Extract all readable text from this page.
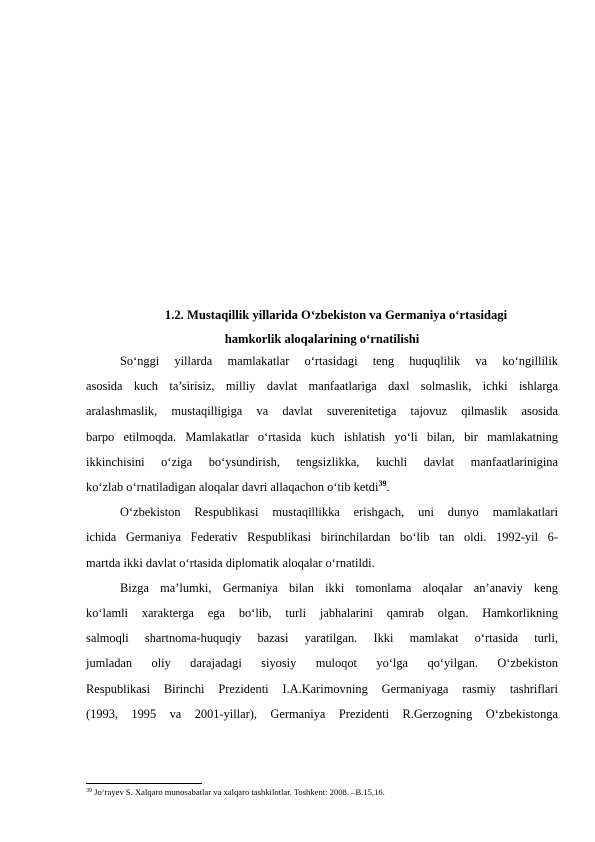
1.2. Mustaqillik yillarida O‘zbekiston va Germaniya o‘rtasidagi
hamkorlik aloqalarining o‘rnatilishi
So‘nggi yillarda mamlakatlar o‘rtasidagi teng huquqlilik va ko‘ngillilik
asosida kuch ta’sirisiz, milliy davlat manfaatlariga daxl solmaslik, ichki ishlarga
aralashmaslik, mustaqilligiga va davlat suverenitetiga tajovuz qilmaslik asosida
barpo etilmoqda. Mamlakatlar o‘rtasida kuch ishlatish yo‘li bilan, bir mamlakatning
ikkinchisini o‘ziga bo‘ysundirish, tengsizlikka, kuchli davlat manfaatlarinigina
ko‘zlab o‘rnatiladigan aloqalar davri allaqachon o‘tib ketdi$^{39}$.
O‘zbekiston Respublikasi mustaqillikka erishgach, uni dunyo mamlakatlari
ichida Germaniya Federativ Respublikasi birinchilardan bo‘lib tan oldi. 1992-yil 6-
martda ikki davlat o‘rtasida diplomatik aloqalar o‘rnatildi.
Bizga ma’lumki, Germaniya bilan ikki tomonlama aloqalar an’anaviy keng
ko‘lamli xarakterga ega bo‘lib, turli jabhalarini qamrab olgan. Hamkorlikning
salmoqli shartnoma-huquqiy bazasi yaratilgan. Ikki mamlakat o‘rtasida turli,
jumladan oliy darajadagi siyosiy muloqot yo‘lga qo‘yilgan. O‘zbekiston
Respublikasi Birinchi Prezidenti I.A.Karimovning Germaniyaga rasmiy tashriflari
(1993, 1995 va 2001-yillar), Germaniya Prezidenti R.Gerzogning O‘zbekistonga
$^{39}$ Jo‘rayev S. Xalqaro munosabatlar va xalqaro tashkilotlar. Toshkent: 2008. –B.15,16.
